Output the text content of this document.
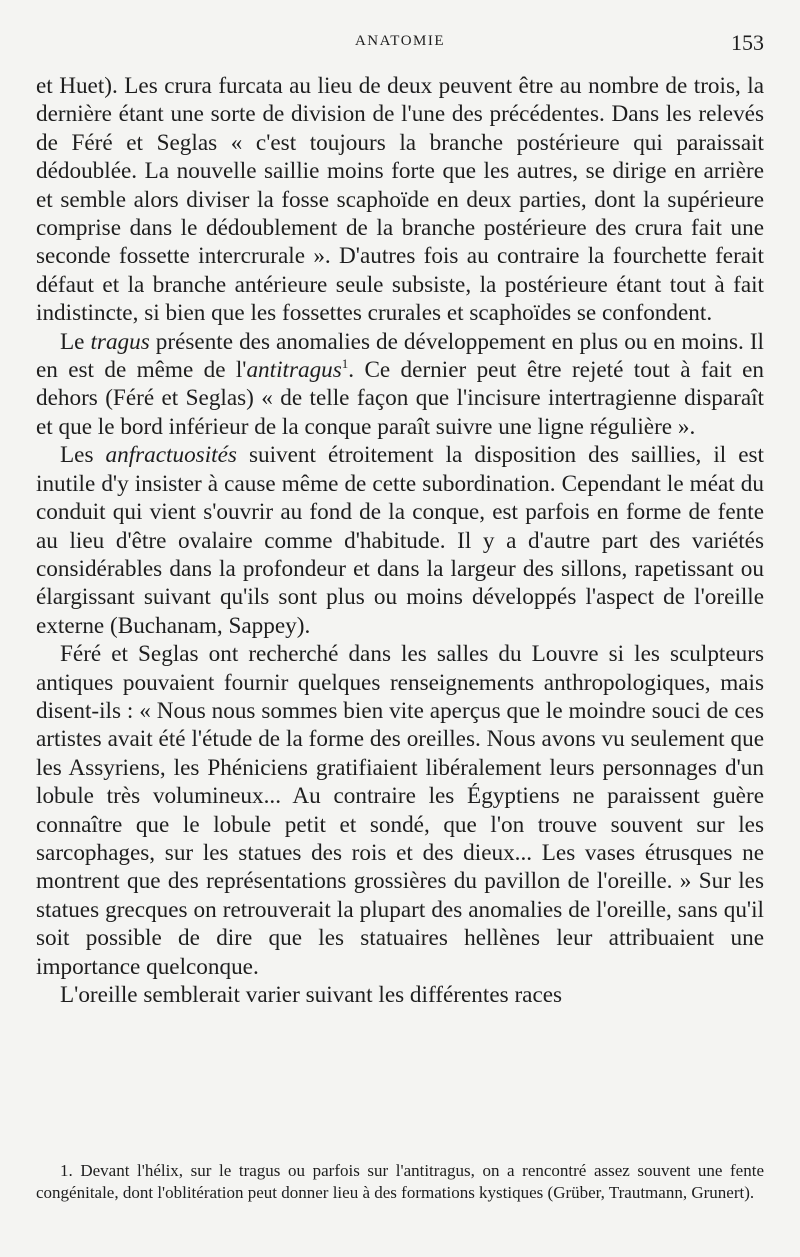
ANATOMIE	153

et Huet). Les crura furcata au lieu de deux peuvent être au nombre de trois, la dernière étant une sorte de division de l'une des précédentes. Dans les relevés de Féré et Seglas « c'est toujours la branche postérieure qui paraissait dédoublée. La nouvelle saillie moins forte que les autres, se dirige en arrière et semble alors diviser la fosse scaphoïde en deux parties, dont la supérieure comprise dans le dédoublement de la branche postérieure des crura fait une seconde fossette intercrurale ». D'autres fois au contraire la fourchette ferait défaut et la branche antérieure seule subsiste, la postérieure étant tout à fait indistincte, si bien que les fossettes crurales et scaphoïdes se confondent.

Le tragus présente des anomalies de développement en plus ou en moins. Il en est de même de l'antitragus$^1$. Ce dernier peut être rejeté tout à fait en dehors (Féré et Seglas) « de telle façon que l'incisure intertragienne disparaît et que le bord inférieur de la conque paraît suivre une ligne régulière ».

Les anfractuosités suivent étroitement la disposition des saillies, il est inutile d'y insister à cause même de cette subordination. Cependant le méat du conduit qui vient s'ouvrir au fond de la conque, est parfois en forme de fente au lieu d'être ovalaire comme d'habitude. Il y a d'autre part des variétés considérables dans la profondeur et dans la largeur des sillons, rapetissant ou élargissant suivant qu'ils sont plus ou moins développés l'aspect de l'oreille externe (Buchanam, Sappey).

Féré et Seglas ont recherché dans les salles du Louvre si les sculpteurs antiques pouvaient fournir quelques renseignements anthropologiques, mais disent-ils : « Nous nous sommes bien vite aperçus que le moindre souci de ces artistes avait été l'étude de la forme des oreilles. Nous avons vu seulement que les Assyriens, les Phéniciens gratifiaient libéralement leurs personnages d'un lobule très volumineux... Au contraire les Égyptiens ne paraissent guère connaître que le lobule petit et sondé, que l'on trouve souvent sur les sarcophages, sur les statues des rois et des dieux... Les vases étrusques ne montrent que des représentations grossières du pavillon de l'oreille. » Sur les statues grecques on retrouverait la plupart des anomalies de l'oreille, sans qu'il soit possible de dire que les statuaires hellènes leur attribuaient une importance quelconque.

L'oreille semblerait varier suivant les différentes races

1. Devant l'hélix, sur le tragus ou parfois sur l'antitragus, on a rencontré assez souvent une fente congénitale, dont l'oblitération peut donner lieu à des formations kystiques (Grüber, Trautmann, Grunert).
